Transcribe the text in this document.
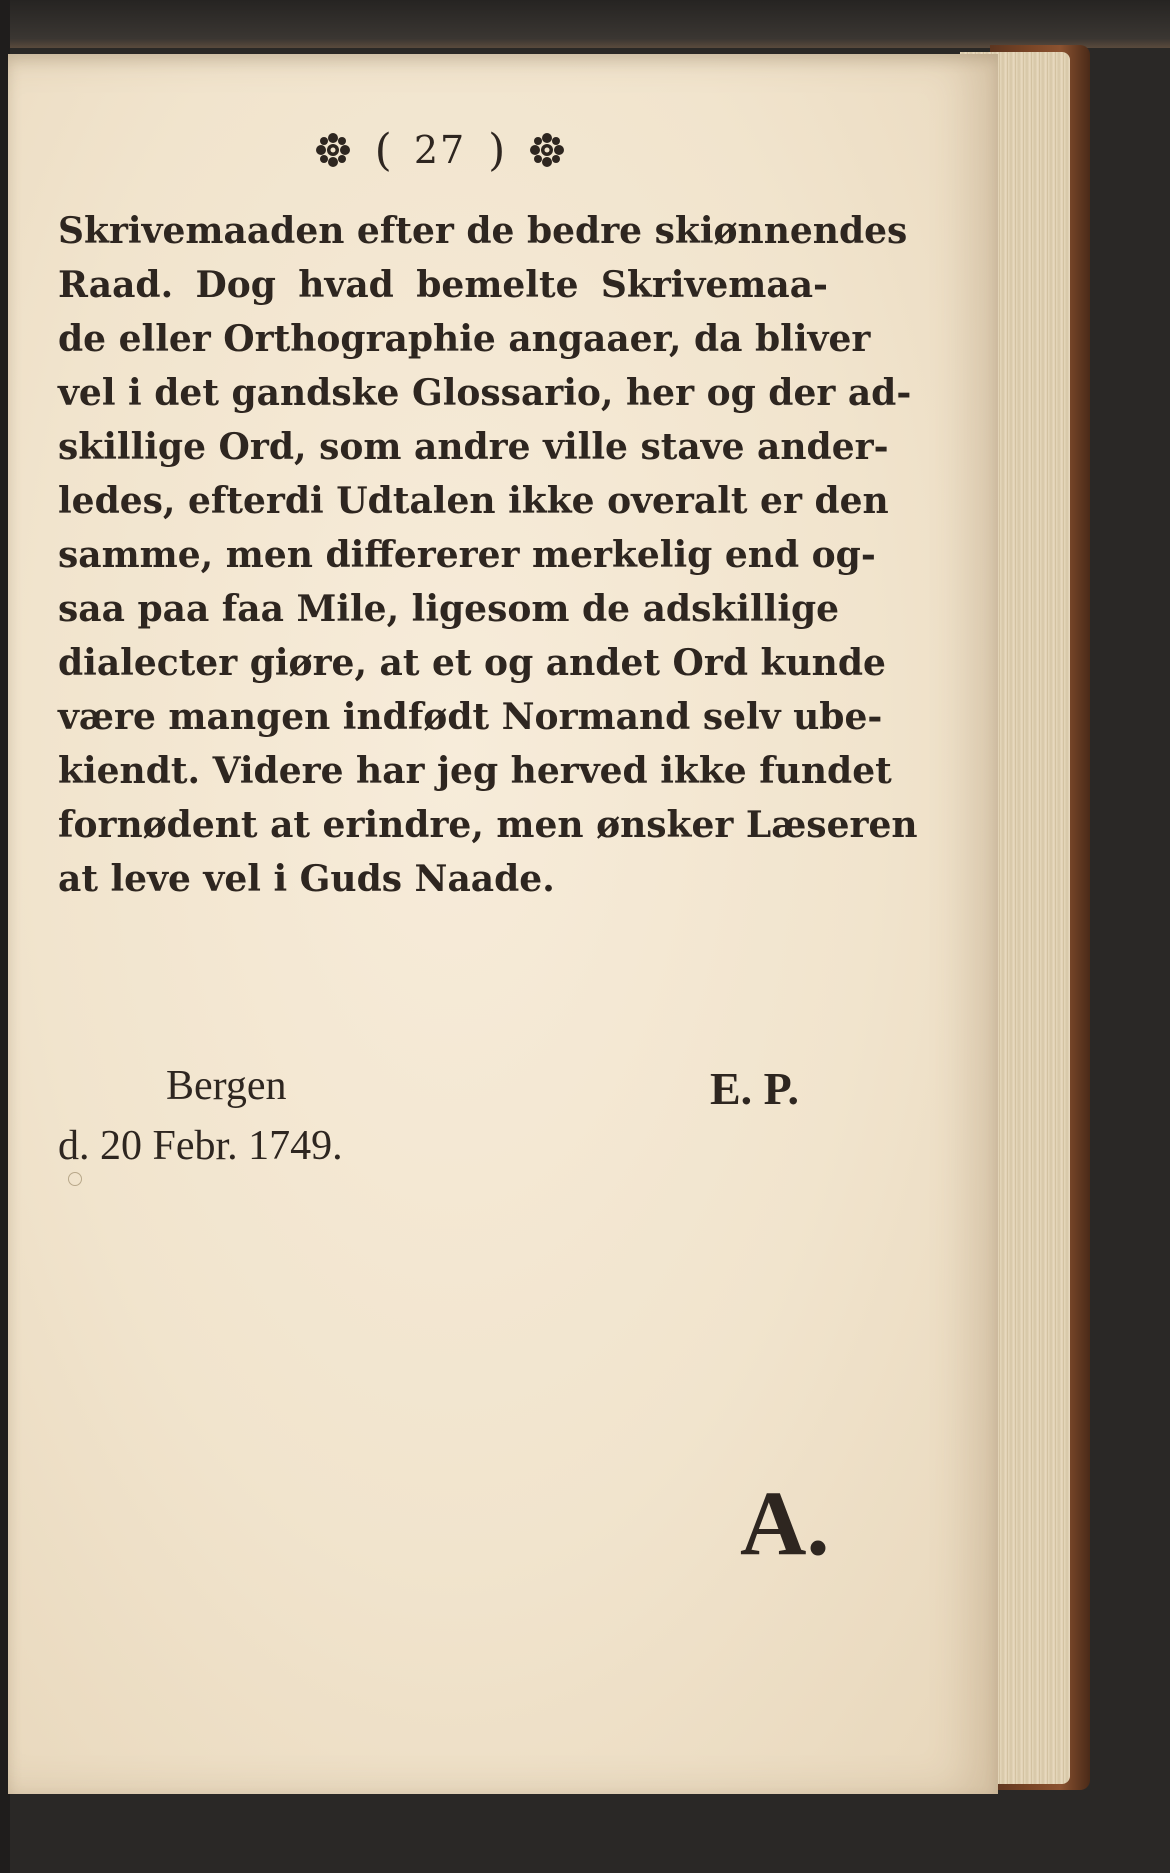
( 27 )
Skrivemaaden efter de bedre skiønnendes
Raad. Dog hvad bemelte Skrivemaa-
de eller Orthographie angaaer, da bliver
vel i det gandske Glossario, her og der ad-
skillige Ord, som andre ville stave ander-
ledes, efterdi Udtalen ikke overalt er den
samme, men differerer merkelig end og-
saa paa faa Mile, ligesom de adskillige
dialecter giøre, at et og andet Ord kunde
være mangen indfødt Normand selv ube-
kiendt. Videre har jeg herved ikke fundet
fornødent at erindre, men ønsker Læseren
at leve vel i Guds Naade.
Bergen
d. 20 Febr. 1749.
E. P.
A.
